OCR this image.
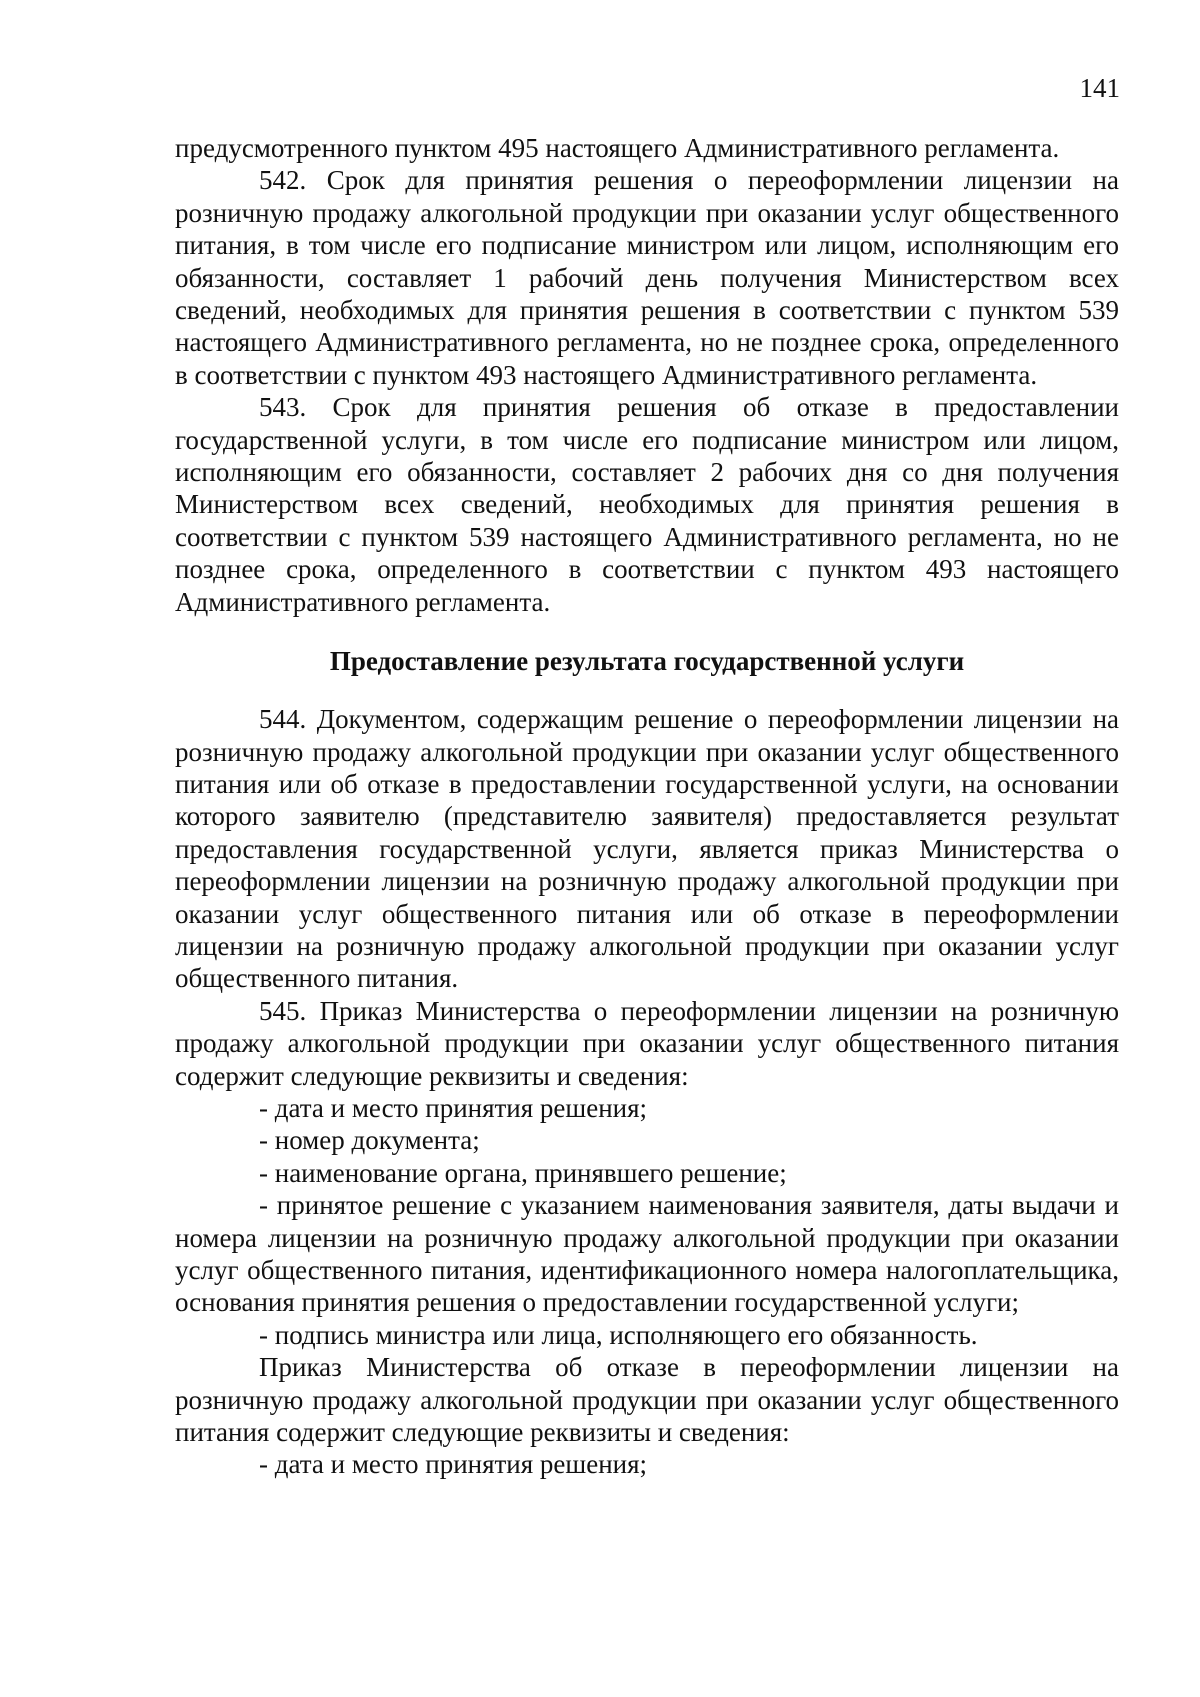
141

предусмотренного пунктом 495 настоящего Административного регламента.

542. Срок для принятия решения о переоформлении лицензии на розничную продажу алкогольной продукции при оказании услуг общественного питания, в том числе его подписание министром или лицом, исполняющим его обязанности, составляет 1 рабочий день получения Министерством всех сведений, необходимых для принятия решения в соответствии с пунктом 539 настоящего Административного регламента, но не позднее срока, определенного в соответствии с пунктом 493 настоящего Административного регламента.

543. Срок для принятия решения об отказе в предоставлении государственной услуги, в том числе его подписание министром или лицом, исполняющим его обязанности, составляет 2 рабочих дня со дня получения Министерством всех сведений, необходимых для принятия решения в соответствии с пунктом 539 настоящего Административного регламента, но не позднее срока, определенного в соответствии с пунктом 493 настоящего Административного регламента.

Предоставление результата государственной услуги

544. Документом, содержащим решение о переоформлении лицензии на розничную продажу алкогольной продукции при оказании услуг общественного питания или об отказе в предоставлении государственной услуги, на основании которого заявителю (представителю заявителя) предоставляется результат предоставления государственной услуги, является приказ Министерства о переоформлении лицензии на розничную продажу алкогольной продукции при оказании услуг общественного питания или об отказе в переоформлении лицензии на розничную продажу алкогольной продукции при оказании услуг общественного питания.

545. Приказ Министерства о переоформлении лицензии на розничную продажу алкогольной продукции при оказании услуг общественного питания содержит следующие реквизиты и сведения:

- дата и место принятия решения;

- номер документа;

- наименование органа, принявшего решение;

- принятое решение с указанием наименования заявителя, даты выдачи и номера лицензии на розничную продажу алкогольной продукции при оказании услуг общественного питания, идентификационного номера налогоплательщика, основания принятия решения о предоставлении государственной услуги;

- подпись министра или лица, исполняющего его обязанность.

Приказ Министерства об отказе в переоформлении лицензии на розничную продажу алкогольной продукции при оказании услуг общественного питания содержит следующие реквизиты и сведения:

- дата и место принятия решения;
